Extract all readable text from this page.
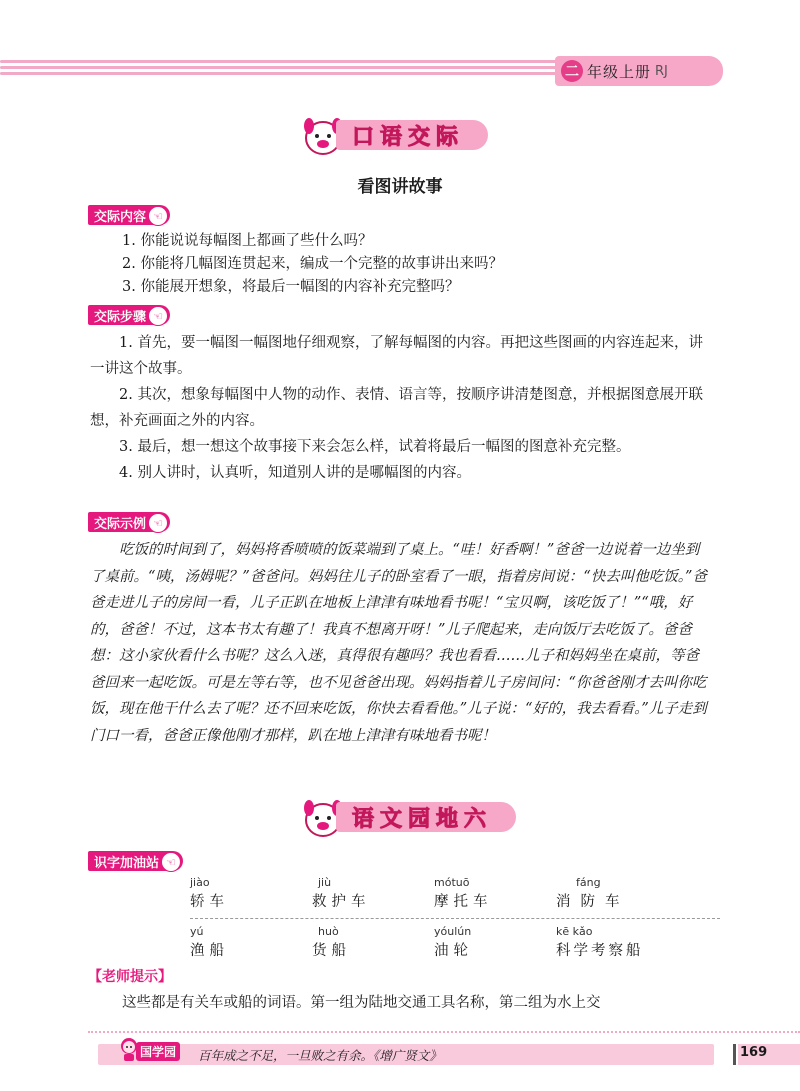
二 年级上册 RJ
口语交际
看图讲故事
交际内容 ☜
1. 你能说说每幅图上都画了些什么吗？
2. 你能将几幅图连贯起来，编成一个完整的故事讲出来吗？
3. 你能展开想象，将最后一幅图的内容补充完整吗？
交际步骤 ☜
1. 首先，要一幅图一幅图地仔细观察，了解每幅图的内容。再把这些图画的内容连起来，讲一讲这个故事。
2. 其次，想象每幅图中人物的动作、表情、语言等，按顺序讲清楚图意，并根据图意展开联想，补充画面之外的内容。
3. 最后，想一想这个故事接下来会怎么样，试着将最后一幅图的图意补充完整。
4. 别人讲时，认真听，知道别人讲的是哪幅图的内容。
交际示例 ☜
吃饭的时间到了，妈妈将香喷喷的饭菜端到了桌上。“哇！好香啊！”爸爸一边说着一边坐到了桌前。“咦，汤姆呢？”爸爸问。妈妈往儿子的卧室看了一眼，指着房间说：“快去叫他吃饭。”爸爸走进儿子的房间一看，儿子正趴在地板上津津有味地看书呢！“宝贝啊，该吃饭了！”“哦，好的，爸爸！不过，这本书太有趣了！我真不想离开呀！”儿子爬起来，走向饭厅去吃饭了。爸爸想：这小家伙看什么书呢？这么入迷，真得很有趣吗？我也看看……儿子和妈妈坐在桌前，等爸爸回来一起吃饭。可是左等右等，也不见爸爸出现。妈妈指着儿子房间问：“你爸爸刚才去叫你吃饭，现在他干什么去了呢？还不回来吃饭，你快去看看他。”儿子说：“好的，我去看看。”儿子走到门口一看，爸爸正像他刚才那样，趴在地上津津有味地看书呢！
语文园地六
识字加油站 ☜
jiào
轿车
jiù
救护车
mótuō
摩托车
fáng
消防车
yú
渔船
huò
货船
yóulún
油轮
kē kǎo
科学考察船
【老师提示】
这些都是有关车或船的词语。第一组为陆地交通工具名称，第二组为水上交
国学园	百年成之不足，一旦败之有余。《增广贤文》	169
